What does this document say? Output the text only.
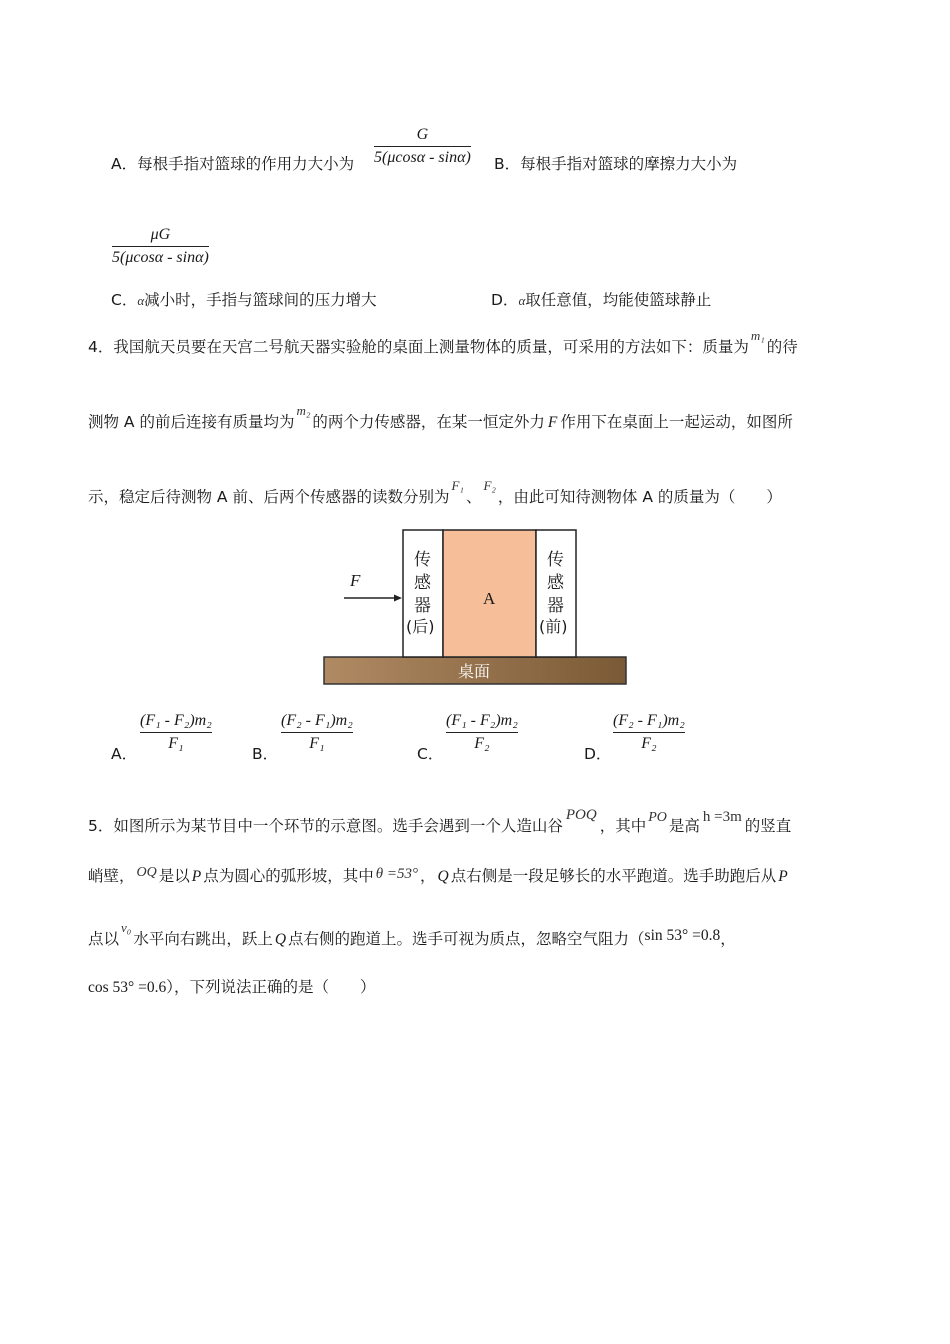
A．每根手指对篮球的作用力大小为
G
5(μcosα - sinα) B．每根手指对篮球的摩擦力大小为
μG
5(μcosα - sinα)
C．α减小时，手指与篮球间的压力增大	D．α取任意值，均能使篮球静止
4．我国航天员要在天宫二号航天器实验舱的桌面上测量物体的质量，可采用的方法如下：质量为$^{m_1}$的待
测物 A 的前后连接有质量均为$^{m_2}$的两个力传感器，在某一恒定外力 F 作用下在桌面上一起运动，如图所
示，稳定后待测物 A 前、后两个传感器的读数分别为$^{F_1}$、$^{F_2}$，由此可知待测物体 A 的质量为（　　）
F
传
感
器
(后)
A
传
感
器
(前)
桌面
A．
(F₁ - F₂)m₂
F₁
B．
(F₂ - F₁)m₂
F₁
C．
(F₁ - F₂)m₂
F₂
D．
(F₂ - F₁)m₂
F₂
5．如图所示为某节目中一个环节的示意图。选手会遇到一个人造山谷POQ，其中 PO 是高 h =3m 的竖直
峭壁， OQ 是以 P 点为圆心的弧形坡，其中 θ =53° ， Q 点右侧是一段足够长的水平跑道。选手助跑后从 P
点以$^{v_0}$水平向右跳出，跃上 Q 点右侧的跑道上。选手可视为质点，忽略空气阻力（sin 53° =0.8，
cos 53° =0.6），下列说法正确的是（　　）
